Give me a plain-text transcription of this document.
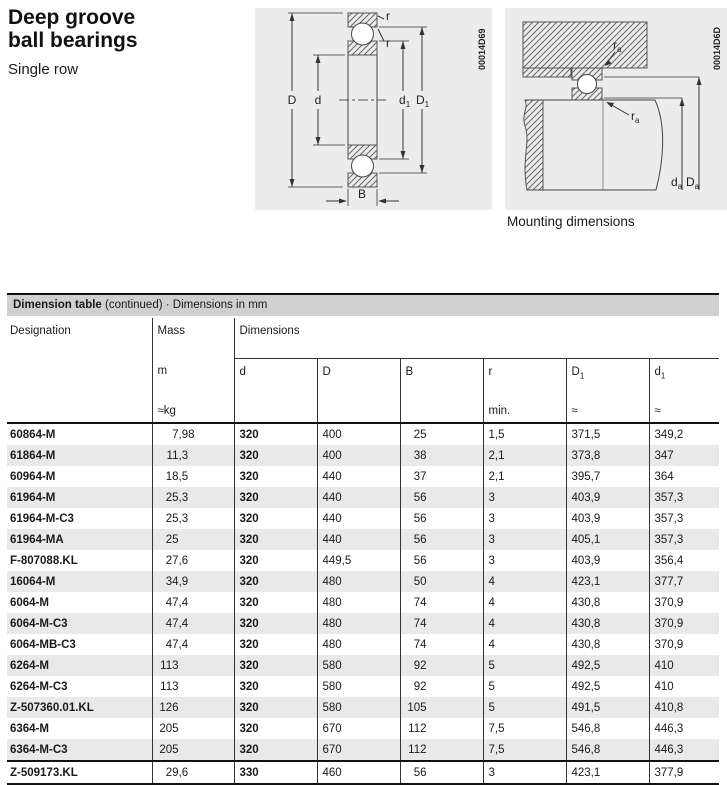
Deep groove
ball bearings
Single row
D d	$d_1$ $D_1$
r
r
B
00014D69	$r_a$
$r_a$
$d_a$ $D_a$
00014D6D
Mounting dimensions
Dimension table (continued) · Dimensions in mm
Designation	Mass	Dimensions					
	m	d	D	B	r	$D_1$	$d_1$
	≈kg				min.	≈	≈
60864-M	7,98	320	400	25	1,5	371,5	349,2
61864-M	11,3	320	400	38	2,1	373,8	347
60964-M	18,5	320	440	37	2,1	395,7	364
61964-M	25,3	320	440	56	3	403,9	357,3
61964-M-C3	25,3	320	440	56	3	403,9	357,3
61964-MA	25	320	440	56	3	405,1	357,3
F-807088.KL	27,6	320	449,5	56	3	403,9	356,4
16064-M	34,9	320	480	50	4	423,1	377,7
6064-M	47,4	320	480	74	4	430,8	370,9
6064-M-C3	47,4	320	480	74	4	430,8	370,9
6064-MB-C3	47,4	320	480	74	4	430,8	370,9
6264-M	113	320	580	92	5	492,5	410
6264-M-C3	113	320	580	92	5	492,5	410
Z-507360.01.KL	126	320	580	105	5	491,5	410,8
6364-M	205	320	670	112	7,5	546,8	446,3
6364-M-C3	205	320	670	112	7,5	546,8	446,3
Z-509173.KL	29,6	330	460	56	3	423,1	377,9
